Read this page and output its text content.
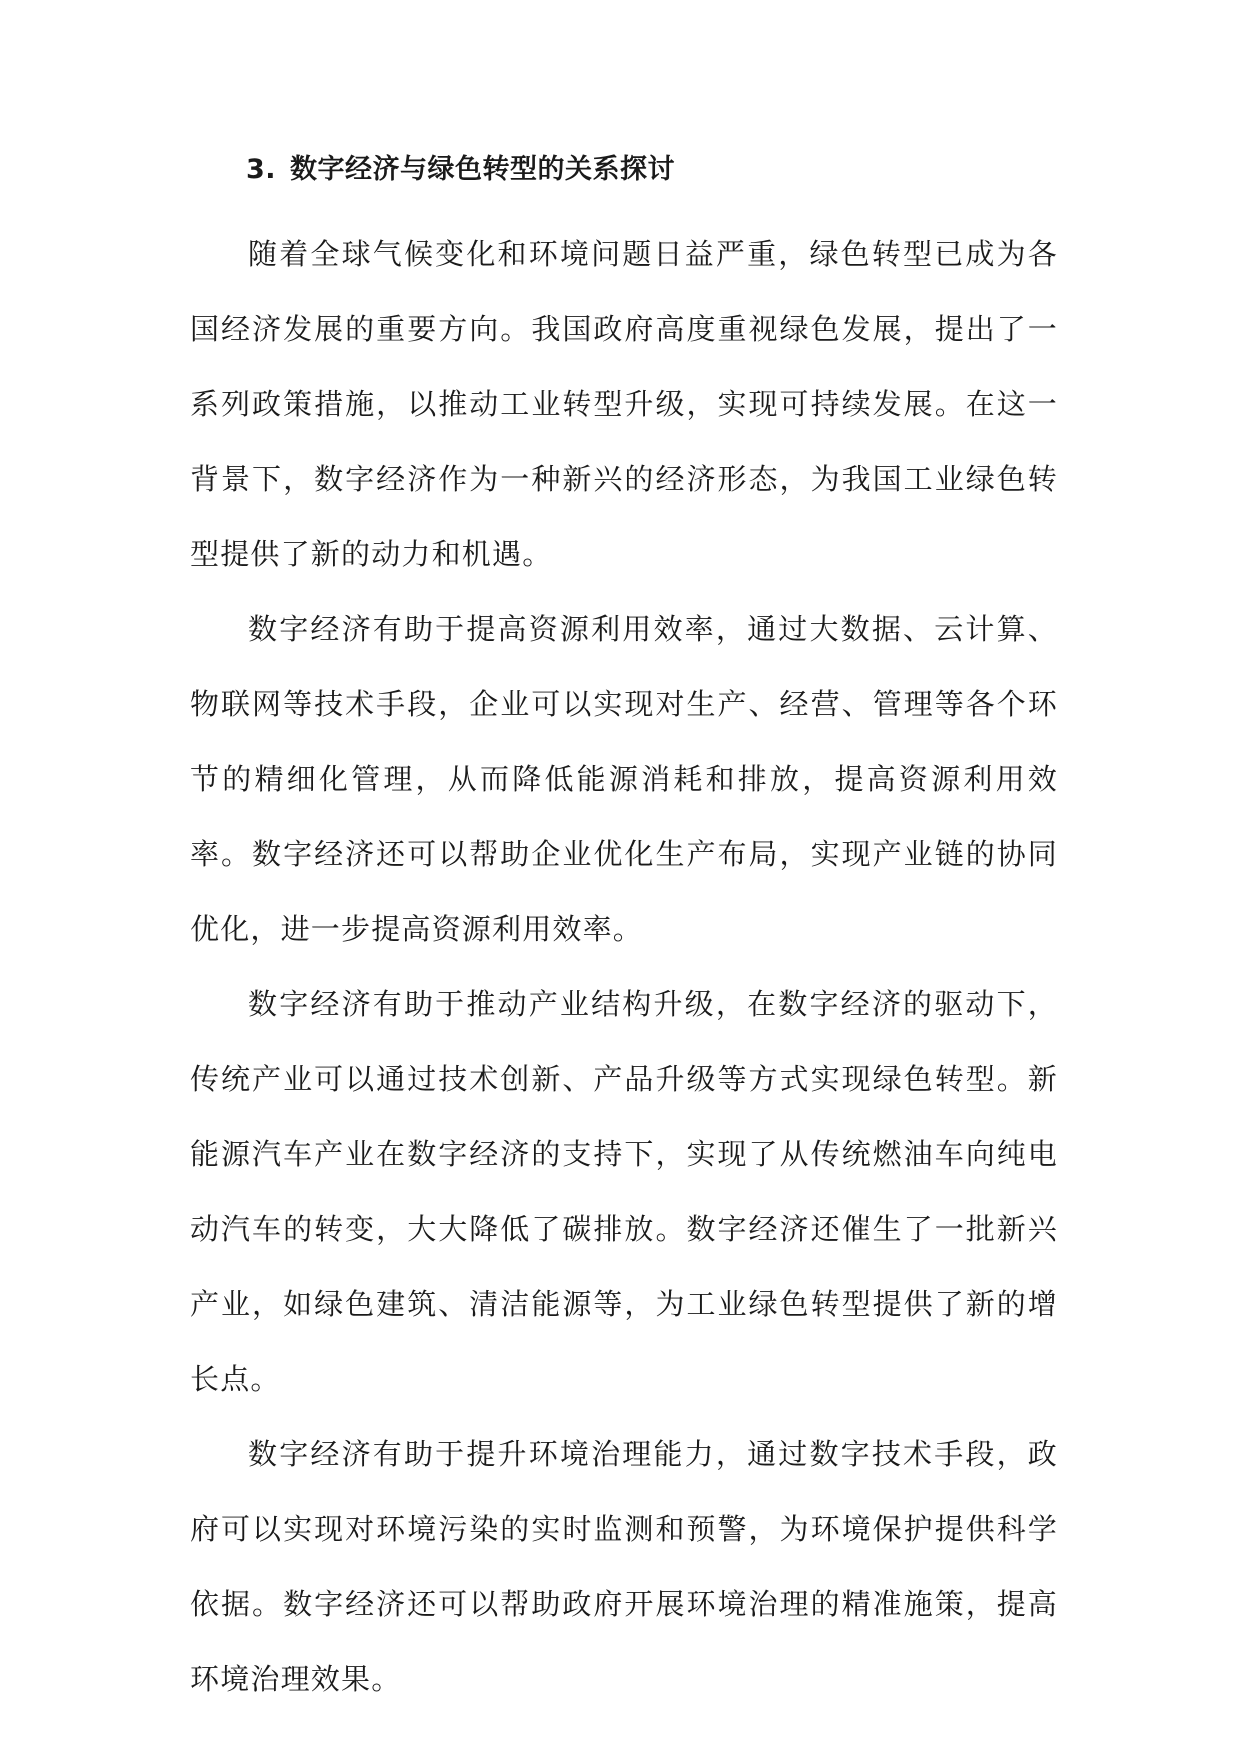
3. 数字经济与绿色转型的关系探讨

随着全球气候变化和环境问题日益严重，绿色转型已成为各国经济发展的重要方向。我国政府高度重视绿色发展，提出了一系列政策措施，以推动工业转型升级，实现可持续发展。在这一背景下，数字经济作为一种新兴的经济形态，为我国工业绿色转型提供了新的动力和机遇。

数字经济有助于提高资源利用效率，通过大数据、云计算、物联网等技术手段，企业可以实现对生产、经营、管理等各个环节的精细化管理，从而降低能源消耗和排放，提高资源利用效率。数字经济还可以帮助企业优化生产布局，实现产业链的协同优化，进一步提高资源利用效率。

数字经济有助于推动产业结构升级，在数字经济的驱动下，传统产业可以通过技术创新、产品升级等方式实现绿色转型。新能源汽车产业在数字经济的支持下，实现了从传统燃油车向纯电动汽车的转变，大大降低了碳排放。数字经济还催生了一批新兴产业，如绿色建筑、清洁能源等，为工业绿色转型提供了新的增长点。

数字经济有助于提升环境治理能力，通过数字技术手段，政府可以实现对环境污染的实时监测和预警，为环境保护提供科学依据。数字经济还可以帮助政府开展环境治理的精准施策，提高环境治理效果。
